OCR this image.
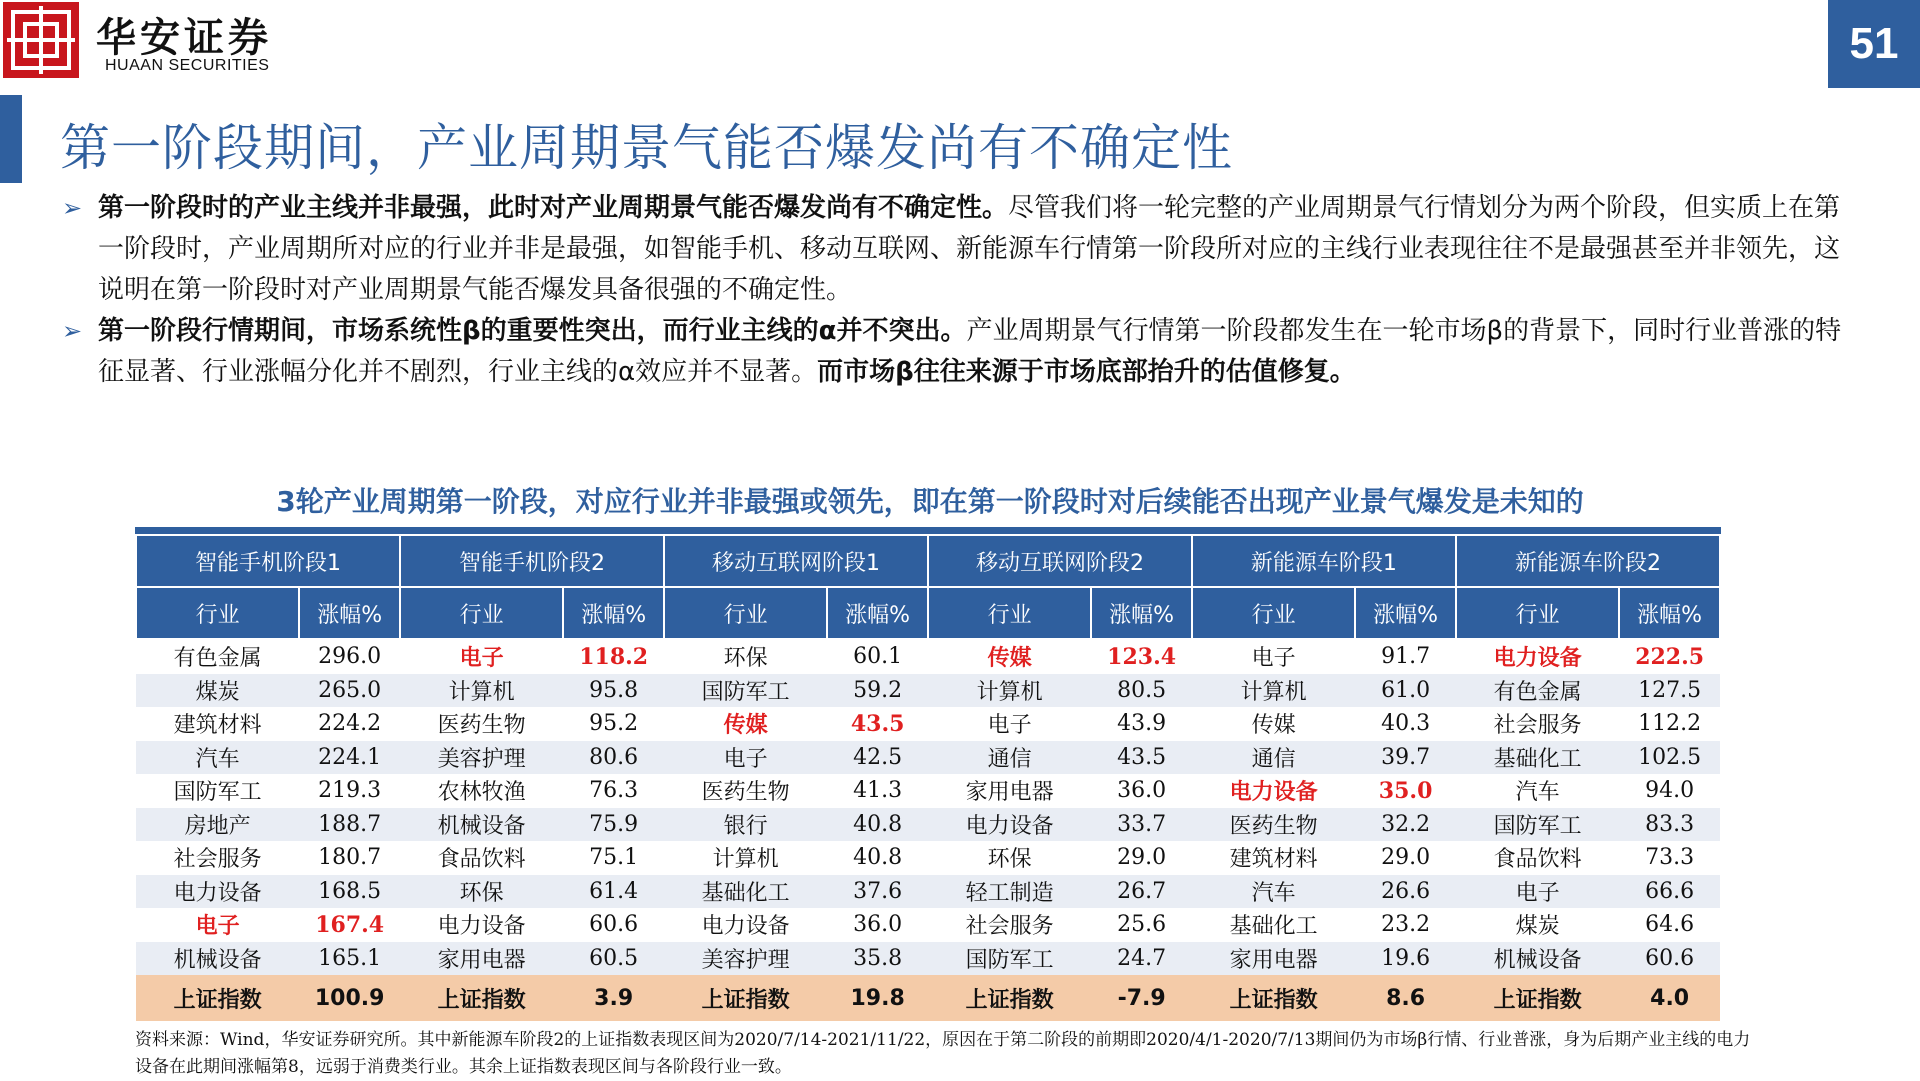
华安证券
HUAAN SECURITIES	51
第一阶段期间，产业周期景气能否爆发尚有不确定性
➢ 第一阶段时的产业主线并非最强，此时对产业周期景气能否爆发尚有不确定性。尽管我们将一轮完整的产业周期景气行情划分为两个阶段，但实质上在第一阶段时，产业周期所对应的行业并非是最强，如智能手机、移动互联网、新能源车行情第一阶段所对应的主线行业表现往往不是最强甚至并非领先，这说明在第一阶段时对产业周期景气能否爆发具备很强的不确定性。
➢ 第一阶段行情期间，市场系统性β的重要性突出，而行业主线的α并不突出。产业周期景气行情第一阶段都发生在一轮市场β的背景下，同时行业普涨的特征显著、行业涨幅分化并不剧烈，行业主线的α效应并不显著。而市场β往往来源于市场底部抬升的估值修复。
3轮产业周期第一阶段，对应行业并非最强或领先，即在第一阶段时对后续能否出现产业景气爆发是未知的
智能手机阶段1		智能手机阶段2		移动互联网阶段1		移动互联网阶段2		新能源车阶段1		新能源车阶段2	
行业	涨幅%	行业	涨幅%	行业	涨幅%	行业	涨幅%	行业	涨幅%	行业	涨幅%
有色金属	296.0	电子	118.2	环保	60.1	传媒	123.4	电子	91.7	电力设备	222.5
煤炭	265.0	计算机	95.8	国防军工	59.2	计算机	80.5	计算机	61.0	有色金属	127.5
建筑材料	224.2	医药生物	95.2	传媒	43.5	电子	43.9	传媒	40.3	社会服务	112.2
汽车	224.1	美容护理	80.6	电子	42.5	通信	43.5	通信	39.7	基础化工	102.5
国防军工	219.3	农林牧渔	76.3	医药生物	41.3	家用电器	36.0	电力设备	35.0	汽车	94.0
房地产	188.7	机械设备	75.9	银行	40.8	电力设备	33.7	医药生物	32.2	国防军工	83.3
社会服务	180.7	食品饮料	75.1	计算机	40.8	环保	29.0	建筑材料	29.0	食品饮料	73.3
电力设备	168.5	环保	61.4	基础化工	37.6	轻工制造	26.7	汽车	26.6	电子	66.6
电子	167.4	电力设备	60.6	电力设备	36.0	社会服务	25.6	基础化工	23.2	煤炭	64.6
机械设备	165.1	家用电器	60.5	美容护理	35.8	国防军工	24.7	家用电器	19.6	机械设备	60.6
上证指数	100.9	上证指数	3.9	上证指数	19.8	上证指数	-7.9	上证指数	8.6	上证指数	4.0
资料来源：Wind，华安证券研究所。其中新能源车阶段2的上证指数表现区间为2020/7/14-2021/11/22，原因在于第二阶段的前期即2020/4/1-2020/7/13期间仍为市场β行情、行业普涨，身为后期产业主线的电力设备在此期间涨幅第8，远弱于消费类行业。其余上证指数表现区间与各阶段行业一致。
